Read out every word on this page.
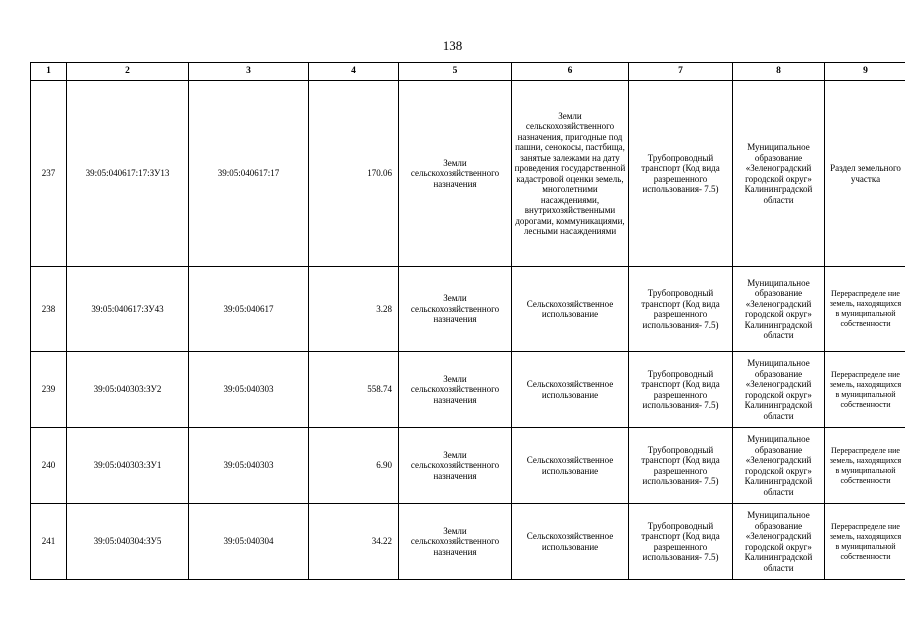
138
1	2	3	4	5	6	7	8	9
237	39:05:040617:17:ЗУ13	39:05:040617:17	170.06	Земли сельскохозяйственного назначения	Земли сельскохозяйственного назначения, пригодные под пашни, сенокосы, пастбища, занятые залежами на дату проведения государственной кадастровой оценки земель, многолетними насаждениями, внутрихозяйственными дорогами, коммуникациями, лесными насаждениями	Трубопроводный транспорт (Код вида разрешенного использования- 7.5)	Муниципальное образование «Зеленоградский городской округ» Калининградской области	Раздел земельного участка
238	39:05:040617:ЗУ43	39:05:040617	3.28	Земли сельскохозяйственного назначения	Сельскохозяйственное использование	Трубопроводный транспорт (Код вида разрешенного использования- 7.5)	Муниципальное образование «Зеленоградский городской округ» Калининградской области	Перераспределе ние земель, находящихся в муниципальной собственности
239	39:05:040303:ЗУ2	39:05:040303	558.74	Земли сельскохозяйственного назначения	Сельскохозяйственное использование	Трубопроводный транспорт (Код вида разрешенного использования- 7.5)	Муниципальное образование «Зеленоградский городской округ» Калининградской области	Перераспределе ние земель, находящихся в муниципальной собственности
240	39:05:040303:ЗУ1	39:05:040303	6.90	Земли сельскохозяйственного назначения	Сельскохозяйственное использование	Трубопроводный транспорт (Код вида разрешенного использования- 7.5)	Муниципальное образование «Зеленоградский городской округ» Калининградской области	Перераспределе ние земель, находящихся в муниципальной собственности
241	39:05:040304:ЗУ5	39:05:040304	34.22	Земли сельскохозяйственного назначения	Сельскохозяйственное использование	Трубопроводный транспорт (Код вида разрешенного использования- 7.5)	Муниципальное образование «Зеленоградский городской округ» Калининградской области	Перераспределе ние земель, находящихся в муниципальной собственности
